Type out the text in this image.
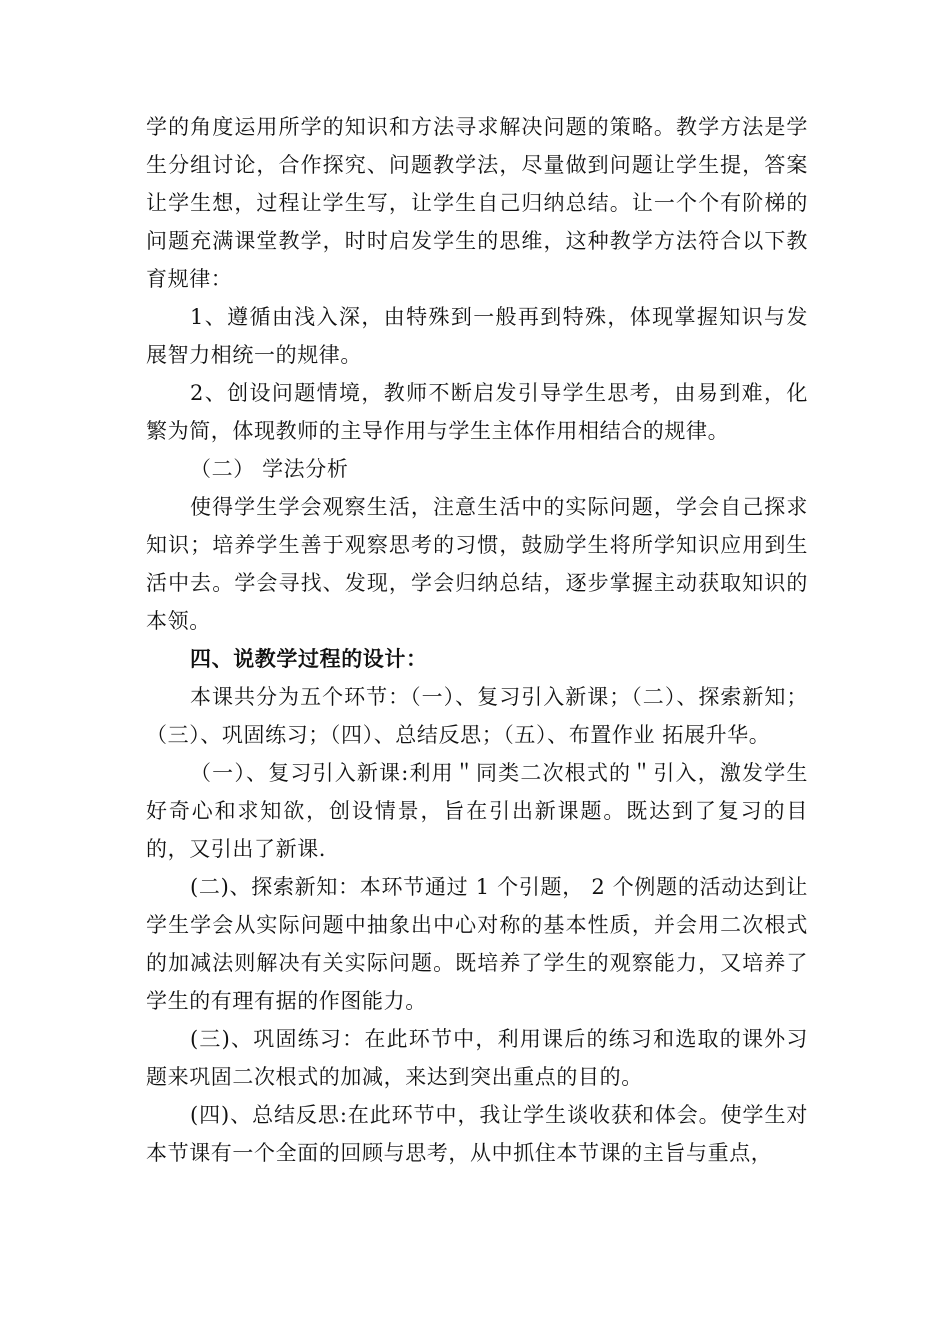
学的角度运用所学的知识和方法寻求解决问题的策略。教学方法是学生分组讨论，合作探究、问题教学法，尽量做到问题让学生提，答案让学生想，过程让学生写，让学生自己归纳总结。让一个个有阶梯的问题充满课堂教学，时时启发学生的思维，这种教学方法符合以下教育规律：

1、遵循由浅入深，由特殊到一般再到特殊，体现掌握知识与发展智力相统一的规律。

2、创设问题情境，教师不断启发引导学生思考，由易到难，化繁为简，体现教师的主导作用与学生主体作用相结合的规律。

（二） 学法分析

使得学生学会观察生活，注意生活中的实际问题，学会自己探求知识；培养学生善于观察思考的习惯，鼓励学生将所学知识应用到生活中去。学会寻找、发现，学会归纳总结，逐步掌握主动获取知识的本领。

四、说教学过程的设计：

本课共分为五个环节：（一）、复习引入新课；（二）、探索新知；（三）、巩固练习；（四）、总结反思；（五）、布置作业 拓展升华。

（一）、复习引入新课:利用＂同类二次根式的＂引入，激发学生好奇心和求知欲，创设情景，旨在引出新课题。既达到了复习的目的，又引出了新课.

(二)、探索新知：本环节通过 1 个引题， 2 个例题的活动达到让学生学会从实际问题中抽象出中心对称的基本性质，并会用二次根式的加减法则解决有关实际问题。既培养了学生的观察能力，又培养了学生的有理有据的作图能力。

(三)、巩固练习：在此环节中，利用课后的练习和选取的课外习题来巩固二次根式的加减，来达到突出重点的目的。

(四)、总结反思:在此环节中，我让学生谈收获和体会。使学生对本节课有一个全面的回顾与思考，从中抓住本节课的主旨与重点，
